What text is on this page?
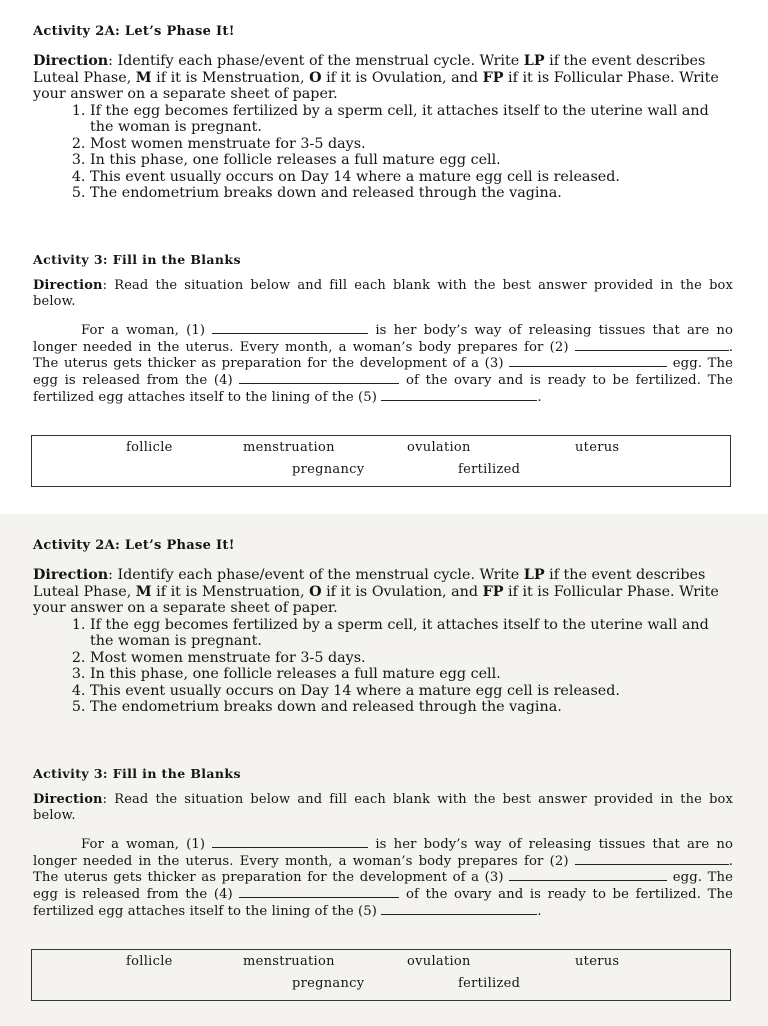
Activity 2A: Let’s Phase It!

Direction: Identify each phase/event of the menstrual cycle. Write LP if the event describes Luteal Phase, M if it is Menstruation, O if it is Ovulation, and FP if it is Follicular Phase. Write your answer on a separate sheet of paper.

1. If the egg becomes fertilized by a sperm cell, it attaches itself to the uterine wall and the woman is pregnant.
2. Most women menstruate for 3-5 days.
3. In this phase, one follicle releases a full mature egg cell.
4. This event usually occurs on Day 14 where a mature egg cell is released.
5. The endometrium breaks down and released through the vagina.
Activity 3: Fill in the Blanks

Direction: Read the situation below and fill each blank with the best answer provided in the box below.

For a woman, (1)	is her body’s way of releasing tissues that are no longer needed in the uterus. Every month, a woman’s body prepares for (2)	. The uterus gets thicker as preparation for the development of a (3)	egg. The egg is released from the (4)	of the ovary and is ready to be fertilized. The fertilized egg attaches itself to the lining of the (5)	.

follicle	menstruation	ovulation	uterus
pregnancy	fertilized
Activity 2A: Let’s Phase It!

Direction: Identify each phase/event of the menstrual cycle. Write LP if the event describes Luteal Phase, M if it is Menstruation, O if it is Ovulation, and FP if it is Follicular Phase. Write your answer on a separate sheet of paper.

1. If the egg becomes fertilized by a sperm cell, it attaches itself to the uterine wall and the woman is pregnant.
2. Most women menstruate for 3-5 days.
3. In this phase, one follicle releases a full mature egg cell.
4. This event usually occurs on Day 14 where a mature egg cell is released.
5. The endometrium breaks down and released through the vagina.
Activity 3: Fill in the Blanks

Direction: Read the situation below and fill each blank with the best answer provided in the box below.

For a woman, (1)	is her body’s way of releasing tissues that are no longer needed in the uterus. Every month, a woman’s body prepares for (2)	. The uterus gets thicker as preparation for the development of a (3)	egg. The egg is released from the (4)	of the ovary and is ready to be fertilized. The fertilized egg attaches itself to the lining of the (5)	.

follicle	menstruation	ovulation	uterus
pregnancy	fertilized
